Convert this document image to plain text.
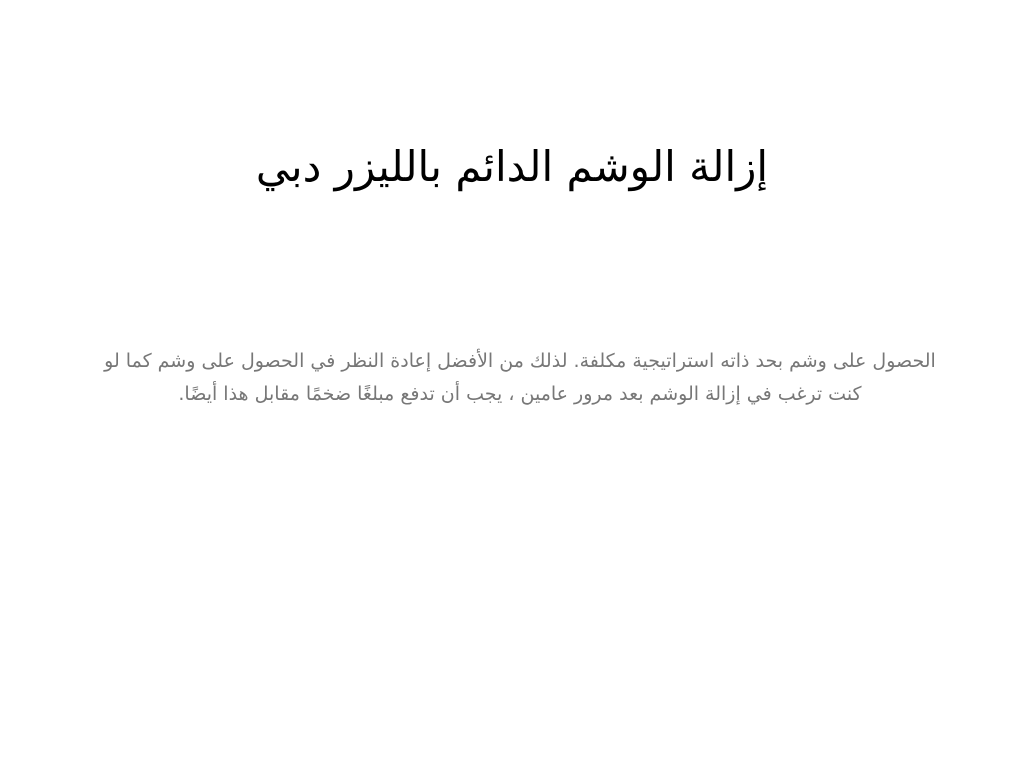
إزالة الوشم الدائم بالليزر دبي

الحصول على وشم بحد ذاته استراتيجية مكلفة. لذلك من الأفضل إعادة النظر في الحصول على وشم كما لو كنت ترغب في إزالة الوشم بعد مرور عامين ، يجب أن تدفع مبلغًا ضخمًا مقابل هذا أيضًا.
